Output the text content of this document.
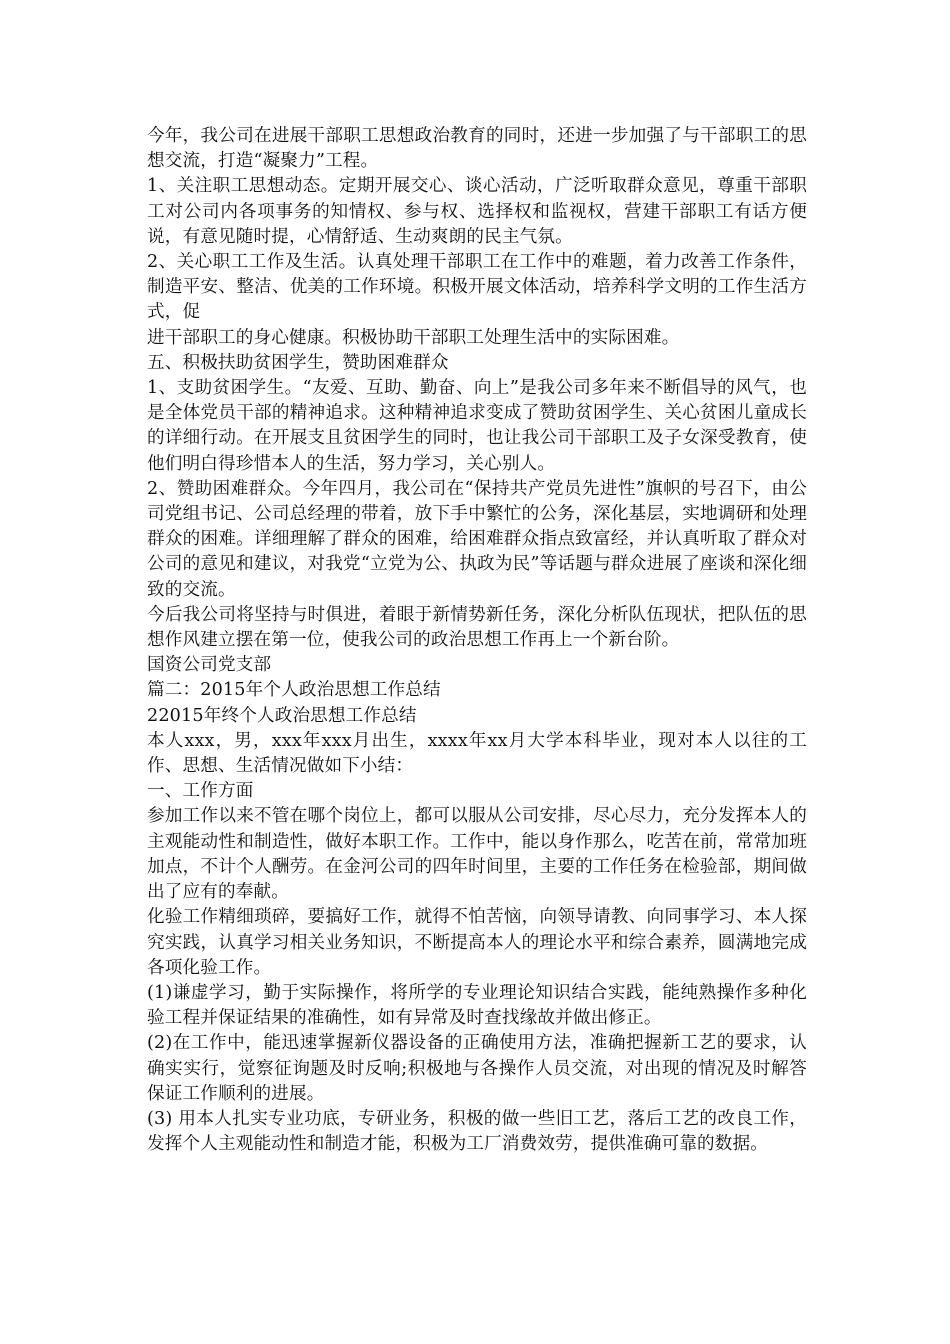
今年，我公司在进展干部职工思想政治教育的同时，还进一步加强了与干部职工的思想交流，打造“凝聚力”工程。

1、关注职工思想动态。定期开展交心、谈心活动，广泛听取群众意见，尊重干部职工对公司内各项事务的知情权、参与权、选择权和监视权，营建干部职工有话方便说，有意见随时提，心情舒适、生动爽朗的民主气氛。

2、关心职工工作及生活。认真处理干部职工在工作中的难题，着力改善工作条件，制造平安、整洁、优美的工作环境。积极开展文体活动，培养科学文明的工作生活方式，促

进干部职工的身心健康。积极协助干部职工处理生活中的实际困难。

五、积极扶助贫困学生，赞助困难群众

1、支助贫困学生。“友爱、互助、勤奋、向上”是我公司多年来不断倡导的风气，也是全体党员干部的精神追求。这种精神追求变成了赞助贫困学生、关心贫困儿童成长的详细行动。在开展支且贫困学生的同时，也让我公司干部职工及子女深受教育，使他们明白得珍惜本人的生活，努力学习，关心别人。

2、赞助困难群众。今年四月，我公司在“保持共产党员先进性”旗帜的号召下，由公司党组书记、公司总经理的带着，放下手中繁忙的公务，深化基层，实地调研和处理群众的困难。详细理解了群众的困难，给困难群众指点致富经，并认真听取了群众对公司的意见和建议，对我党“立党为公、执政为民”等话题与群众进展了座谈和深化细致的交流。

今后我公司将坚持与时俱进，着眼于新情势新任务，深化分析队伍现状，把队伍的思想作风建立摆在第一位，使我公司的政治思想工作再上一个新台阶。

国资公司党支部

篇二：2015年个人政治思想工作总结

22015年终个人政治思想工作总结

本人xxx，男，xxx年xxx月出生，xxxx年xx月大学本科毕业，现对本人以往的工作、思想、生活情况做如下小结：

一、工作方面

参加工作以来不管在哪个岗位上，都可以服从公司安排，尽心尽力，充分发挥本人的主观能动性和制造性，做好本职工作。工作中，能以身作那么，吃苦在前，常常加班加点，不计个人酬劳。在金河公司的四年时间里，主要的工作任务在检验部，期间做出了应有的奉献。

化验工作精细琐碎，要搞好工作，就得不怕苦恼，向领导请教、向同事学习、本人探究实践，认真学习相关业务知识，不断提高本人的理论水平和综合素养，圆满地完成各项化验工作。

(1)谦虚学习，勤于实际操作，将所学的专业理论知识结合实践，能纯熟操作多种化验工程并保证结果的准确性，如有异常及时查找缘故并做出修正。

(2)在工作中，能迅速掌握新仪器设备的正确使用方法，准确把握新工艺的要求，认确实实行，觉察征询题及时反响;积极地与各操作人员交流，对出现的情况及时解答保证工作顺利的进展。

(3) 用本人扎实专业功底，专研业务，积极的做一些旧工艺，落后工艺的改良工作，发挥个人主观能动性和制造才能，积极为工厂消费效劳，提供准确可靠的数据。
